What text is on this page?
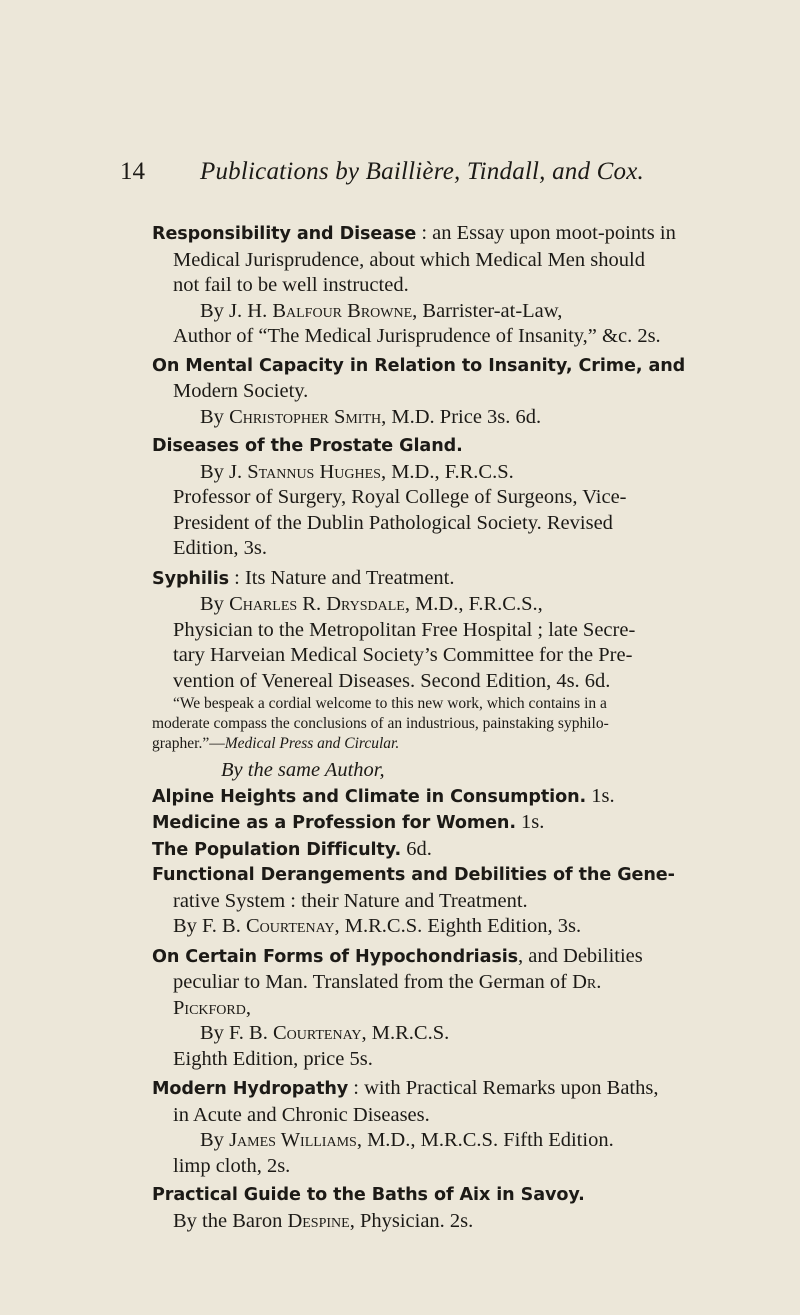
14 Publications by Baillière, Tindall, and Cox.
Responsibility and Disease : an Essay upon moot-points in
Medical Jurisprudence, about which Medical Men should
not fail to be well instructed.
By J. H. Balfour Browne, Barrister-at-Law,
Author of “The Medical Jurisprudence of Insanity,” &c. 2s.
On Mental Capacity in Relation to Insanity, Crime, and
Modern Society.
By Christopher Smith, M.D. Price 3s. 6d.
Diseases of the Prostate Gland.
By J. Stannus Hughes, M.D., F.R.C.S.
Professor of Surgery, Royal College of Surgeons, Vice-
President of the Dublin Pathological Society. Revised
Edition, 3s.
Syphilis : Its Nature and Treatment.
By Charles R. Drysdale, M.D., F.R.C.S.,
Physician to the Metropolitan Free Hospital ; late Secre-
tary Harveian Medical Society’s Committee for the Pre-
vention of Venereal Diseases. Second Edition, 4s. 6d.
“We bespeak a cordial welcome to this new work, which contains in a
moderate compass the conclusions of an industrious, painstaking syphilo-
grapher.”—Medical Press and Circular.
By the same Author,
Alpine Heights and Climate in Consumption. 1s.
Medicine as a Profession for Women. 1s.
The Population Difficulty. 6d.
Functional Derangements and Debilities of the Gene-
rative System : their Nature and Treatment.
By F. B. Courtenay, M.R.C.S. Eighth Edition, 3s.
On Certain Forms of Hypochondriasis, and Debilities
peculiar to Man. Translated from the German of Dr.
Pickford,
By F. B. Courtenay, M.R.C.S.
Eighth Edition, price 5s.
Modern Hydropathy : with Practical Remarks upon Baths,
in Acute and Chronic Diseases.
By James Williams, M.D., M.R.C.S. Fifth Edition.
limp cloth, 2s.
Practical Guide to the Baths of Aix in Savoy.
By the Baron Despine, Physician. 2s.
